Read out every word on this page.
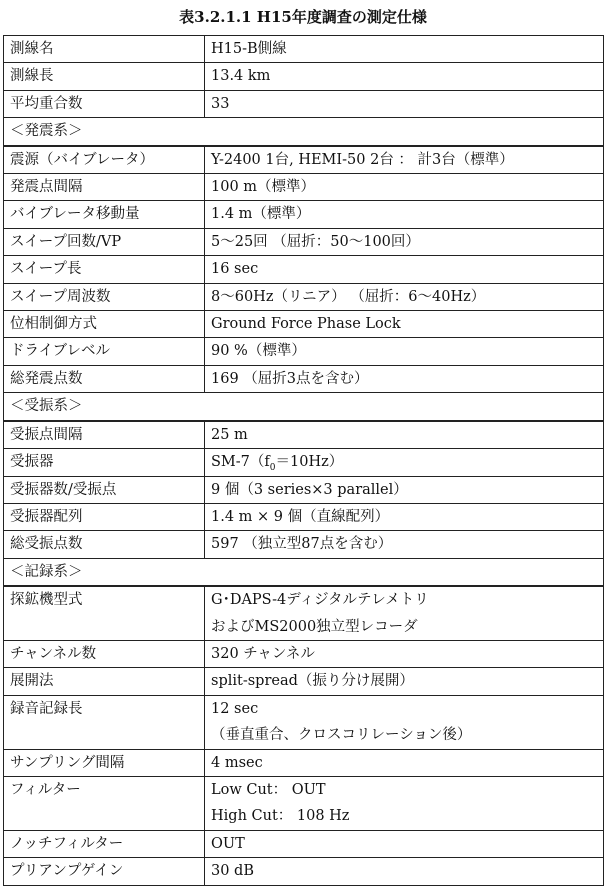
表3.2.1.1 H15年度調査の測定仕様
測線名	H15-B側線
測線長	13.4 km
平均重合数	33
＜発震系＞	
震源（バイブレータ）	Y-2400 1台, HEMI-50 2台 ： 計3台（標準）
発震点間隔	100 m（標準）
バイブレータ移動量	1.4 m（標準）
スイープ回数/VP	5～25回 （屈折：50～100回）
スイープ長	16 sec
スイープ周波数	8～60Hz（リニア） （屈折：6～40Hz）
位相制御方式	Ground Force Phase Lock
ドライブレベル	90 %（標準）
総発震点数	169 （屈折3点を含む）
＜受振系＞	
受振点間隔	25 m
受振器	$SM-7(f_0=10Hz)$
受振器数/受振点	9 個（3 series×3 parallel）
受振器配列	1.4 m × 9 個（直線配列）
総受振点数	597 （独立型87点を含む）
＜記録系＞	
探鉱機型式	G･DAPS-4ディジタルテレメトリ
およびMS2000独立型レコーダ

チャンネル数	320 チャンネル
展開法	split-spread（振り分け展開）
録音記録長	12 sec
（垂直重合、クロスコリレーション後）

サンプリング間隔	4 msec
フィルター	Low Cut： OUT
High Cut： 108 Hz

ノッチフィルター	OUT
プリアンプゲイン	30 dB
